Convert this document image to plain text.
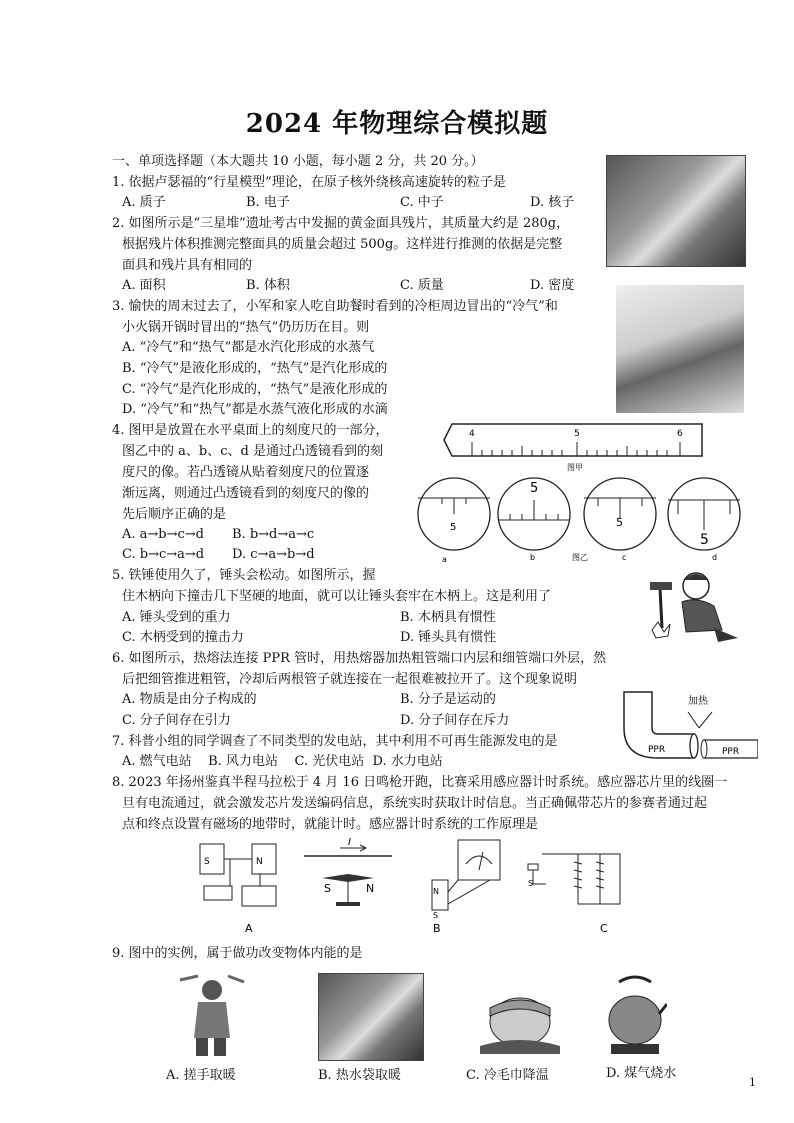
2024 年物理综合模拟题
一、单项选择题（本大题共 10 小题，每小题 2 分，共 20 分。）
1. 依据卢瑟福的“行星模型”理论，在原子核外绕核高速旋转的粒子是
A. 质子	B. 电子	C. 中子	D. 核子
2. 如图所示是“三星堆”遗址考古中发掘的黄金面具残片，其质量大约是 280g，
根据残片体积推测完整面具的质量会超过 500g。这样进行推测的依据是完整
面具和残片具有相同的
A. 面积	B. 体积	C. 质量	D. 密度
3. 愉快的周末过去了，小军和家人吃自助餐时看到的冷柜周边冒出的“冷气”和
小火锅开锅时冒出的“热气”仍历历在目。则
A. “冷气”和“热气”都是水汽化形成的水蒸气
B. “冷气”是液化形成的，“热气”是汽化形成的
C. “冷气”是汽化形成的，“热气”是液化形成的
D. “冷气”和“热气”都是水蒸气液化形成的水滴
4. 图甲是放置在水平桌面上的刻度尺的一部分，
图乙中的 a、b、c、d 是通过凸透镜看到的刻
度尺的像。若凸透镜从贴着刻度尺的位置逐
渐远离，则通过凸透镜看到的刻度尺的像的
先后顺序正确的是
A. a→b→c→d B. b→d→a→c
C. b→c→a→d D. c→a→b→d
4	5	6
图甲
5
5
5
5
a	b	c	d
图乙
5. 铁锤使用久了，锤头会松动。如图所示，握
住木柄向下撞击几下坚硬的地面，就可以让锤头套牢在木柄上。这是利用了
A. 锤头受到的重力	B. 木柄具有惯性
C. 木柄受到的撞击力	D. 锤头具有惯性
6. 如图所示，热熔法连接 PPR 管时，用热熔器加热粗管端口内层和细管端口外层，然
后把细管推进粗管，冷却后两根管子就连接在一起很难被拉开了。这个现象说明
A. 物质是由分子构成的	B. 分子是运动的
C. 分子间存在引力	D. 分子间存在斥力
加热
PPR	PPR
7. 科普小组的同学调查了不同类型的发电站，其中利用不可再生能源发电的是
A. 燃气电站    B. 风力电站    C. 光伏电站  D. 水力电站
8. 2023 年扬州鉴真半程马拉松于 4 月 16 日鸣枪开跑，比赛采用感应器计时系统。感应器芯片里的线圈一
旦有电流通过，就会激发芯片发送编码信息，系统实时获取计时信息。当正确佩带芯片的参赛者通过起
点和终点设置有磁场的地带时，就能计时。感应器计时系统的工作原理是
S	N
A
I
S	N	N
S
B
S
C
9. 图中的实例，属于做功改变物体内能的是
A. 搓手取暖	B. 热水袋取暖	C. 冷毛巾降温	D. 煤气烧水
1
